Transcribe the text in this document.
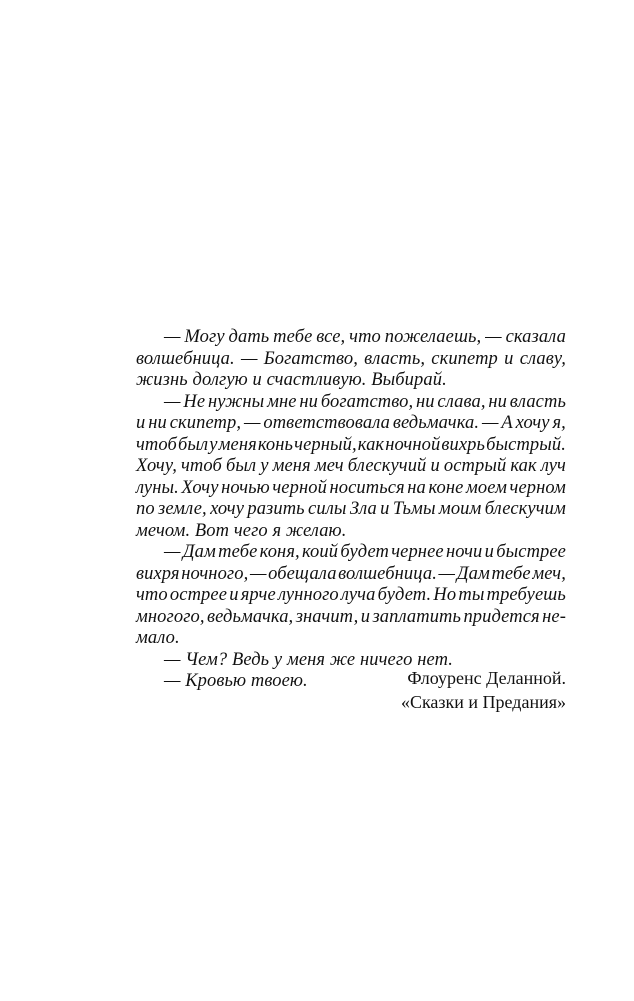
— Могу дать тебе все, что пожелаешь, — сказала
волшебница. — Богатство, власть, скипетр и славу,
жизнь долгую и счастливую. Выбирай.
— Не нужны мне ни богатство, ни слава, ни власть
и ни скипетр, — ответствовала ведьмачка. — А хочу я,
чтоб был у меня конь черный, как ночной вихрь быстрый.
Хочу, чтоб был у меня меч блескучий и острый как луч
луны. Хочу ночью черной носиться на коне моем черном
по земле, хочу разить силы Зла и Тьмы моим блескучим
мечом. Вот чего я желаю.
— Дам тебе коня, коий будет чернее ночи и быстрее
вихря ночного, — обещала волшебница. — Дам тебе меч,
что острее и ярче лунного луча будет. Но ты требуешь
многого, ведьмачка, значит, и заплатить придется не-
мало.
— Чем? Ведь у меня же ничего нет.
— Кровью твоею.	Флоуренс Деланной.
«Сказки и Предания»
